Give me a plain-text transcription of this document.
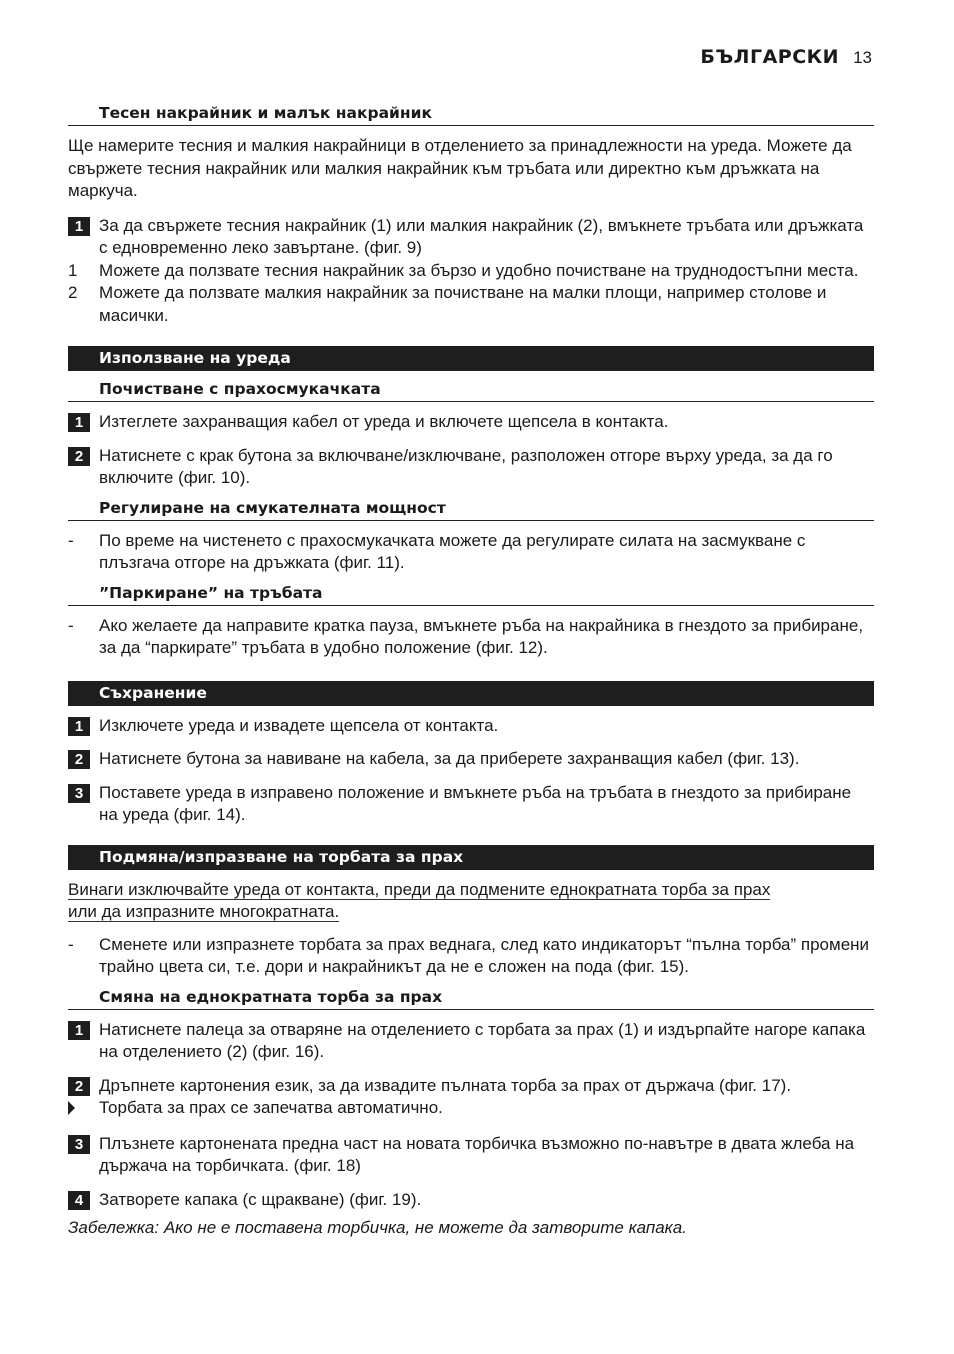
БЪЛГАРСКИ 13
Тесен накрайник и малък накрайник

Ще намерите тесния и малкия накрайници в отделението за принадлежности на уреда. Можете да свържете тесния накрайник или малкия накрайник към тръбата или директно към дръжката на маркуча.

1 За да свържете тесния накрайник (1) или малкия накрайник (2), вмъкнете тръбата или дръжката с едновременно леко завъртане. (фиг. 9)
1	Можете да ползвате тесния накрайник за бързо и удобно почистване на труднодостъпни места.
2	Можете да ползвате малкия накрайник за почистване на малки площи, например столове и масички.
Използване на уреда
Почистване с прахосмукачката
1 Изтеглете захранващия кабел от уреда и включете щепсела в контакта.
2 Натиснете с крак бутона за включване/изключване, разположен отгоре върху уреда, за да го включите (фиг. 10).
Регулиране на смукателната мощност
-	По време на чистенето с прахосмукачката можете да регулирате силата на засмукване с плъзгача отгоре на дръжката (фиг. 11).
”Паркиране” на тръбата
-	Ако желаете да направите кратка пауза, вмъкнете ръба на накрайника в гнездото за прибиране, за да “паркирате” тръбата в удобно положение (фиг. 12).
Съхранение
1 Изключете уреда и извадете щепсела от контакта.
2 Натиснете бутона за навиване на кабела, за да приберете захранващия кабел (фиг. 13).
3 Поставете уреда в изправено положение и вмъкнете ръба на тръбата в гнездото за прибиране на уреда (фиг. 14).
Подмяна/изпразване на торбата за прах
Винаги изключвайте уреда от контакта, преди да подмените еднократната торба за прах
или да изпразните многократната.
-	Сменете или изпразнете торбата за прах веднага, след като индикаторът “пълна торба” промени трайно цвета си, т.е. дори и накрайникът да не е сложен на пода (фиг. 15).
Смяна на еднократната торба за прах
1 Натиснете палеца за отваряне на отделението с торбата за прах (1) и издърпайте нагоре капака на отделението (2) (фиг. 16).
2 Дръпнете картонения език, за да извадите пълната торба за прах от държача (фиг. 17).
Торбата за прах се запечатва автоматично.
3 Плъзнете картонената предна част на новата торбичка възможно по-навътре в двата жлеба на държача на торбичката. (фиг. 18)
4 Затворете капака (с щракване) (фиг. 19).
Забележка: Ако не е поставена торбичка, не можете да затворите капака.
